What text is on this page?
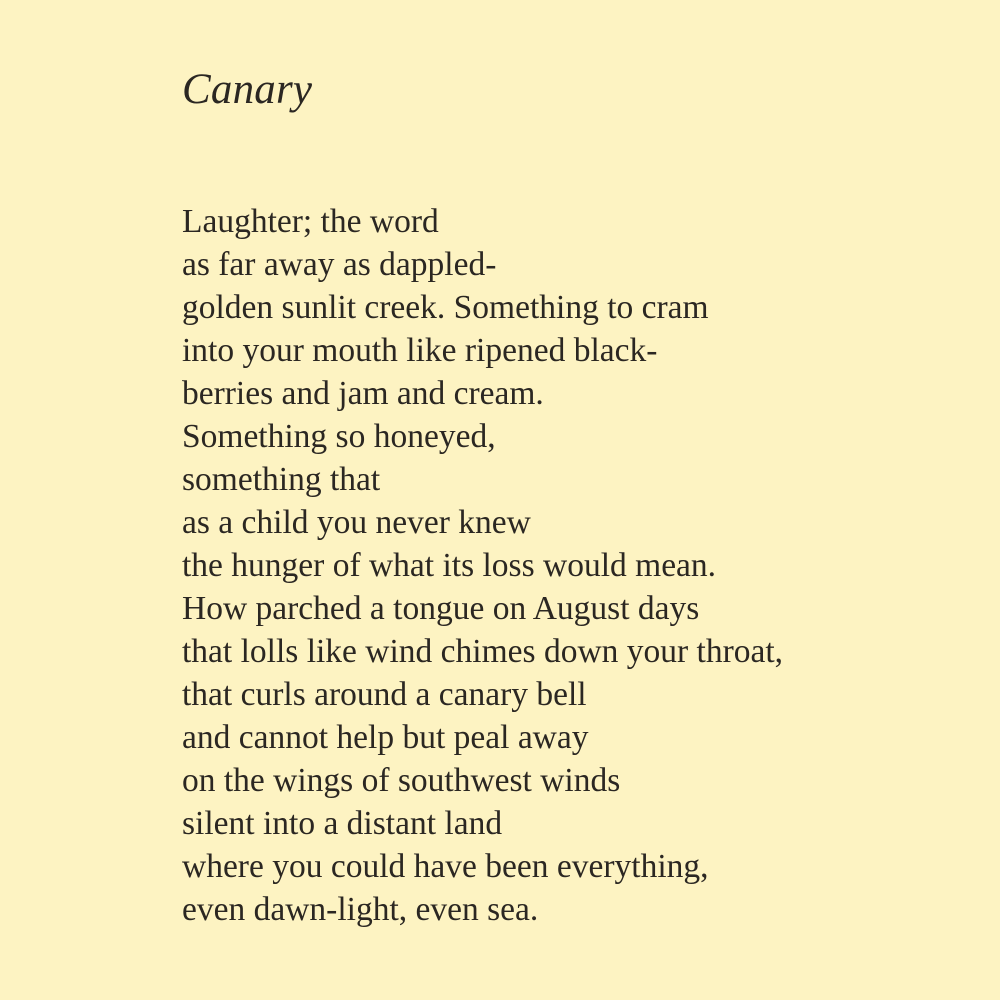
Canary
Laughter; the word
as far away as dappled-
golden sunlit creek. Something to cram
into your mouth like ripened black-
berries and jam and cream.
Something so honeyed,
something that
as a child you never knew
the hunger of what its loss would mean.
How parched a tongue on August days
that lolls like wind chimes down your throat,
that curls around a canary bell
and cannot help but peal away
on the wings of southwest winds
silent into a distant land
where you could have been everything,
even dawn-light, even sea.
